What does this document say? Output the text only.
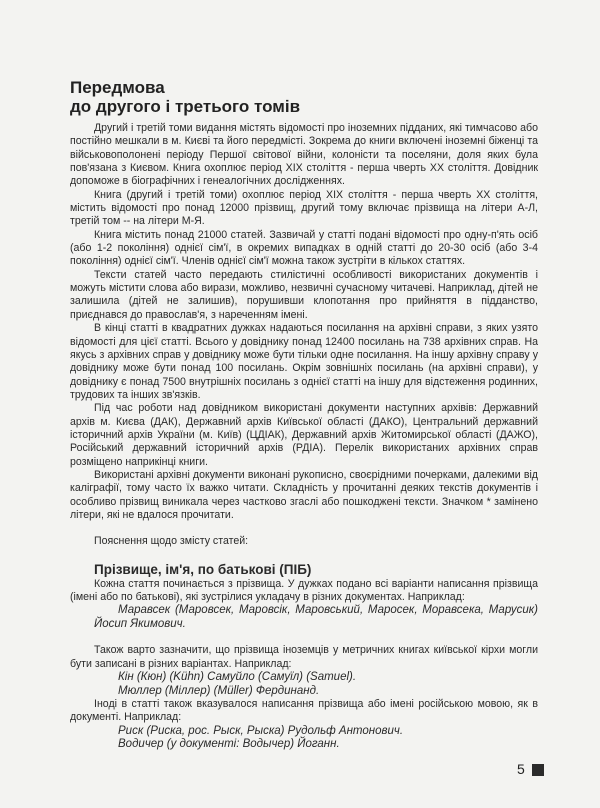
Передмова
до другого і третього томів

Другий і третій томи видання містять відомості про іноземних підданих, які тимчасово або постійно мешкали в м. Києві та його передмісті. Зокрема до книги включені іноземні біженці та військовополонені періоду Першої світової війни, колоністи та поселяни, доля яких була пов'язана з Києвом. Книга охоплює період XIX століття - перша чверть XX століття. Довідник допоможе в біографічних і генеалогічних дослідженнях.

Книга (другий і третій томи) охоплює період XIX століття - перша чверть XX століття, містить відомості про понад 12000 прізвищ, другий тому включає прізвища на літери А-Л, третій том -- на літери М-Я.

Книга містить понад 21000 статей. Зазвичай у статті подані відомості про одну-п'ять осіб (або 1-2 покоління) однієї сім'ї, в окремих випадках в одній статті до 20-30 осіб (або 3-4 покоління) однієї сім'ї. Членів однієї сім'ї можна також зустріти в кількох статтях.

Тексти статей часто передають стилістичні особливості використаних документів і можуть містити слова або вирази, можливо, незвичні сучасному читачеві. Наприклад, дітей не залишила (дітей не залишив), порушивши клопотання про прийняття в підданство, приєднався до православ'я, з нареченням імені.

В кінці статті в квадратних дужках надаються посилання на архівні справи, з яких узято відомості для цієї статті. Всього у довіднику понад 12400 посилань на 738 архівних справ. На якусь з архівних справ у довіднику може бути тільки одне посилання. На іншу архівну справу у довіднику може бути понад 100 посилань. Окрім зовнішніх посилань (на архівні справи), у довіднику є понад 7500 внутрішніх посилань з однієї статті на іншу для відстеження родинних, трудових та інших зв'язків.

Під час роботи над довідником використані документи наступних архівів: Державний архів м. Києва (ДАК), Державний архів Київської області (ДАКО), Центральний державний історичний архів України (м. Київ) (ЦДІАК), Державний архів Житомирської області (ДАЖО), Російський державний історичний архів (РДІА). Перелік використаних архівних справ розміщено наприкінці книги.

Використані архівні документи виконані рукописно, своєрідними почерками, далекими від каліграфії, тому часто їх важко читати. Складність у прочитанні деяких текстів документів і особливо прізвищ виникала через частково згаслі або пошкоджені тексти. Значком * замінено літери, які не вдалося прочитати.

Пояснення щодо змісту статей:

Прізвище, ім'я, по батькові (ПІБ)

Кожна стаття починається з прізвища. У дужках подано всі варіанти написання прізвища (імені або по батькові), які зустрілися укладачу в різних документах. Наприклад:

Маравсек (Маровсек, Маровсік, Маровський, Маросек, Моравсека, Марусик) Йосип Якимович.

Також варто зазначити, що прізвища іноземців у метричних книгах київської кірхи могли бути записані в різних варіантах. Наприклад:

Кін (Кюн) (Kühn) Самуйло (Самуїл) (Samuel).

Мюллер (Міллер) (Müller) Фердинанд.

Іноді в статті також вказувалося написання прізвища або імені російською мовою, як в документі. Наприклад:

Риск (Риска, рос. Рыск, Рыска) Рудольф Антонович.

Водичер (у документі: Водычер) Йоганн.

5
